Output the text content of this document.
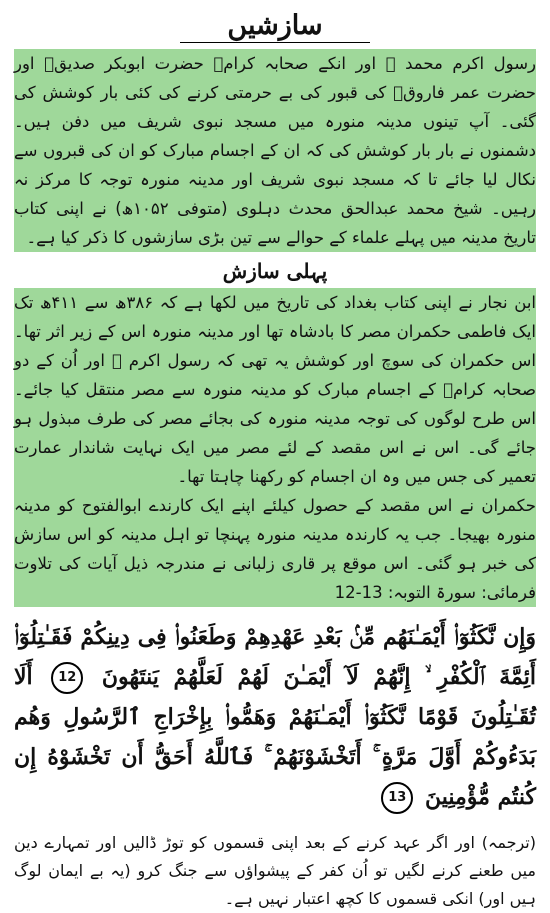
سازشیں

رسول اکرم محمد ﷺ اور انکے صحابہ کرامؓ حضرت ابوبکر صدیقؓ اور حضرت عمر فاروقؓ کی قبور کی بے حرمتی کرنے کی کئی بار کوشش کی گئی۔ آپ تینوں مدینہ منورہ میں مسجد نبوی شریف میں دفن ہیں۔ دشمنوں نے بار بار کوشش کی کہ ان کے اجسام مبارک کو ان کی قبروں سے نکال لیا جائے تا کہ مسجد نبوی شریف اور مدینہ منورہ توجہ کا مرکز نہ رہیں۔ شیخ محمد عبدالحق محدث دہلوی (متوفی ۱۰۵۲ھ) نے اپنی کتاب تاریخ مدینہ میں پہلے علماء کے حوالے سے تین بڑی سازشوں کا ذکر کیا ہے۔

پہلی سازش

ابن نجار نے اپنی کتاب بغداد کی تاریخ میں لکھا ہے کہ ۳۸۶ھ سے ۴۱۱ھ تک ایک فاطمی حکمران مصر کا بادشاہ تھا اور مدینہ منورہ اس کے زیر اثر تھا۔ اس حکمران کی سوچ اور کوشش یہ تھی کہ رسول اکرم ﷺ اور اُن کے دو صحابہ کرامؓ کے اجسام مبارک کو مدینہ منورہ سے مصر منتقل کیا جائے۔ اس طرح لوگوں کی توجہ مدینہ منورہ کی بجائے مصر کی طرف مبذول ہو جائے گی۔ اس نے اس مقصد کے لئے مصر میں ایک نہایت شاندار عمارت تعمیر کی جس میں وہ ان اجسام کو رکھنا چاہتا تھا۔

حکمران نے اس مقصد کے حصول کیلئے اپنے ایک کارندے ابوالفتوح کو مدینہ منورہ بھیجا۔ جب یہ کارندہ مدینہ منورہ پہنچا تو اہل مدینہ کو اس سازش کی خبر ہو گئی۔ اس موقع پر قاری زلبانی نے مندرجہ ذیل آیات کی تلاوت فرمائی: سورۃ التوبہ: 13-12

وَإِن نَّكَثُوٓا۟ أَيْمَـٰنَهُم مِّنۢ بَعْدِ عَهْدِهِمْ وَطَعَنُوا۟ فِى دِينِكُمْ فَقَـٰتِلُوٓا۟ أَئِمَّةَ ٱلْكُفْرِ ۙ إِنَّهُمْ لَآ أَيْمَـٰنَ لَهُمْ لَعَلَّهُمْ يَنتَهُونَ 12 أَلَا تُقَـٰتِلُونَ قَوْمًا نَّكَثُوٓا۟ أَيْمَـٰنَهُمْ وَهَمُّوا۟ بِإِخْرَاجِ ٱلرَّسُولِ وَهُم بَدَءُوكُمْ أَوَّلَ مَرَّةٍ ۚ أَتَخْشَوْنَهُمْ ۚ فَٱللَّهُ أَحَقُّ أَن تَخْشَوْهُ إِن كُنتُم مُّؤْمِنِينَ 13

(ترجمہ) اور اگر عہد کرنے کے بعد اپنی قسموں کو توڑ ڈالیں اور تمہارے دین میں طعنے کرنے لگیں تو اُن کفر کے پیشواؤں سے جنگ کرو (یہ بے ایمان لوگ ہیں اور) انکی قسموں کا کچھ اعتبار نہیں ہے۔
